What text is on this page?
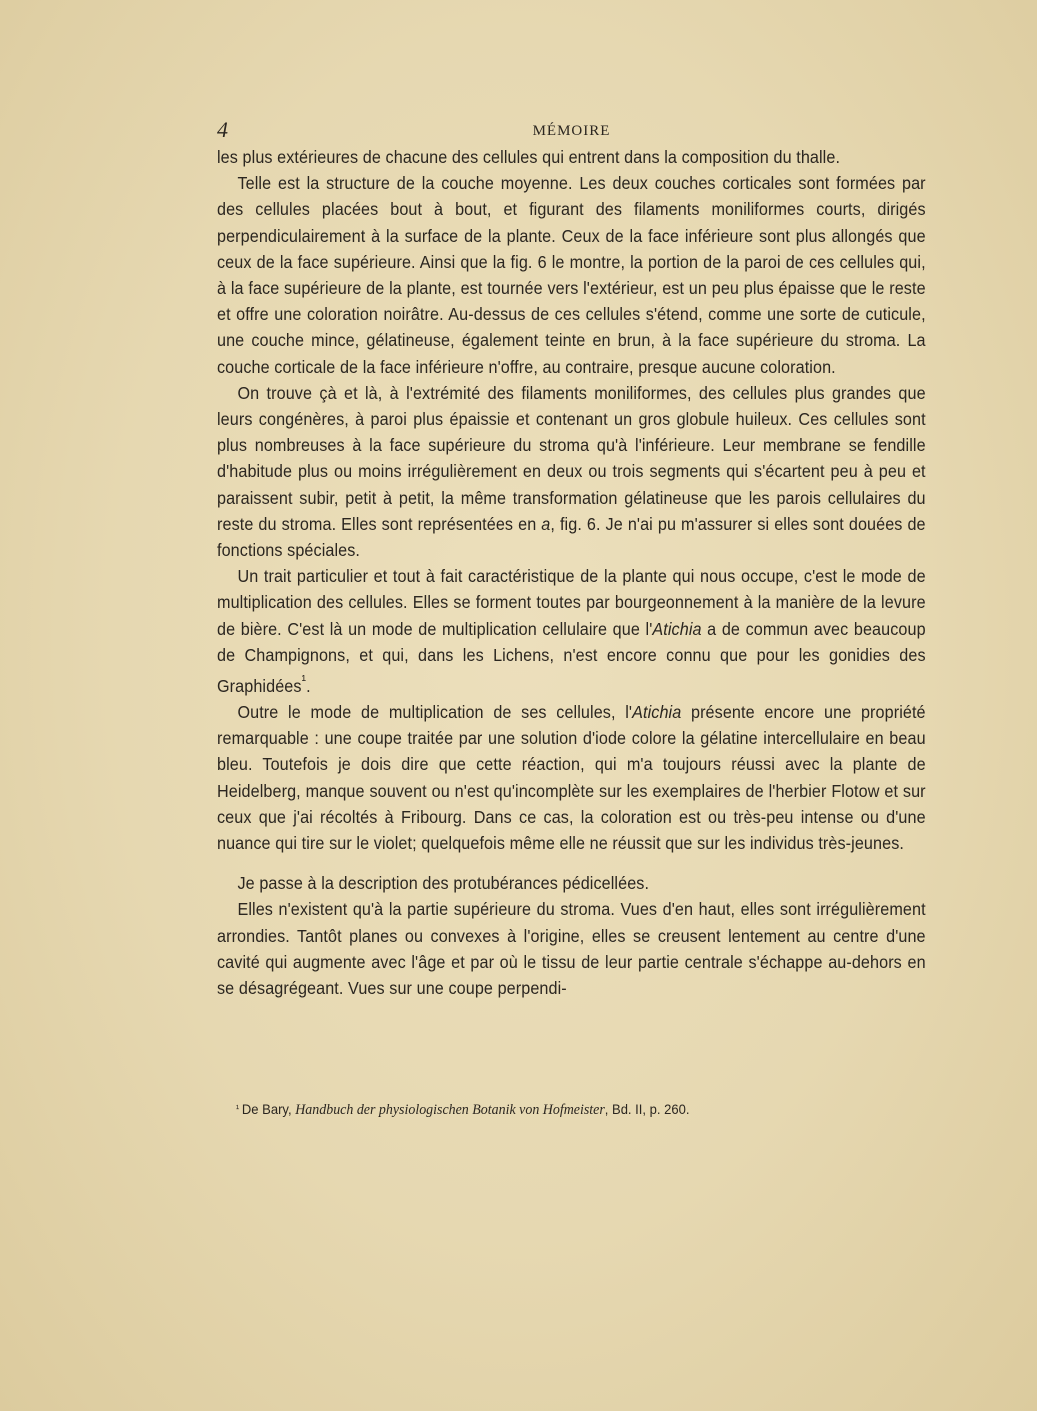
4	MÉMOIRE

les plus extérieures de chacune des cellules qui entrent dans la composition du thalle.

Telle est la structure de la couche moyenne. Les deux couches corticales sont formées par des cellules placées bout à bout, et figurant des filaments moniliformes courts, dirigés perpendiculairement à la surface de la plante. Ceux de la face inférieure sont plus allongés que ceux de la face supérieure. Ainsi que la fig. 6 le montre, la portion de la paroi de ces cellules qui, à la face supérieure de la plante, est tournée vers l'extérieur, est un peu plus épaisse que le reste et offre une coloration noirâtre. Au-dessus de ces cellules s'étend, comme une sorte de cuticule, une couche mince, gélatineuse, également teinte en brun, à la face supérieure du stroma. La couche corticale de la face inférieure n'offre, au contraire, presque aucune coloration.

On trouve çà et là, à l'extrémité des filaments moniliformes, des cellules plus grandes que leurs congénères, à paroi plus épaissie et contenant un gros globule huileux. Ces cellules sont plus nombreuses à la face supérieure du stroma qu'à l'inférieure. Leur membrane se fendille d'habitude plus ou moins irrégulièrement en deux ou trois segments qui s'écartent peu à peu et paraissent subir, petit à petit, la même transformation gélatineuse que les parois cellulaires du reste du stroma. Elles sont représentées en a, fig. 6. Je n'ai pu m'assurer si elles sont douées de fonctions spéciales.

Un trait particulier et tout à fait caractéristique de la plante qui nous occupe, c'est le mode de multiplication des cellules. Elles se forment toutes par bourgeonnement à la manière de la levure de bière. C'est là un mode de multiplication cellulaire que l'Atichia a de commun avec beaucoup de Champignons, et qui, dans les Lichens, n'est encore connu que pour les gonidies des Graphidées$^{^1}$.

Outre le mode de multiplication de ses cellules, l'Atichia présente encore une propriété remarquable : une coupe traitée par une solution d'iode colore la gélatine intercellulaire en beau bleu. Toutefois je dois dire que cette réaction, qui m'a toujours réussi avec la plante de Heidelberg, manque souvent ou n'est qu'incomplète sur les exemplaires de l'herbier Flotow et sur ceux que j'ai récoltés à Fribourg. Dans ce cas, la coloration est ou très-peu intense ou d'une nuance qui tire sur le violet; quelquefois même elle ne réussit que sur les individus très-jeunes.

Je passe à la description des protubérances pédicellées.

Elles n'existent qu'à la partie supérieure du stroma. Vues d'en haut, elles sont irrégulièrement arrondies. Tantôt planes ou convexes à l'origine, elles se creusent lentement au centre d'une cavité qui augmente avec l'âge et par où le tissu de leur partie centrale s'échappe au-dehors en se désagrégeant. Vues sur une coupe perpendi-

$^{^1}$ De Bary, Handbuch der physiologischen Botanik von Hofmeister, Bd. II, p. 260.
